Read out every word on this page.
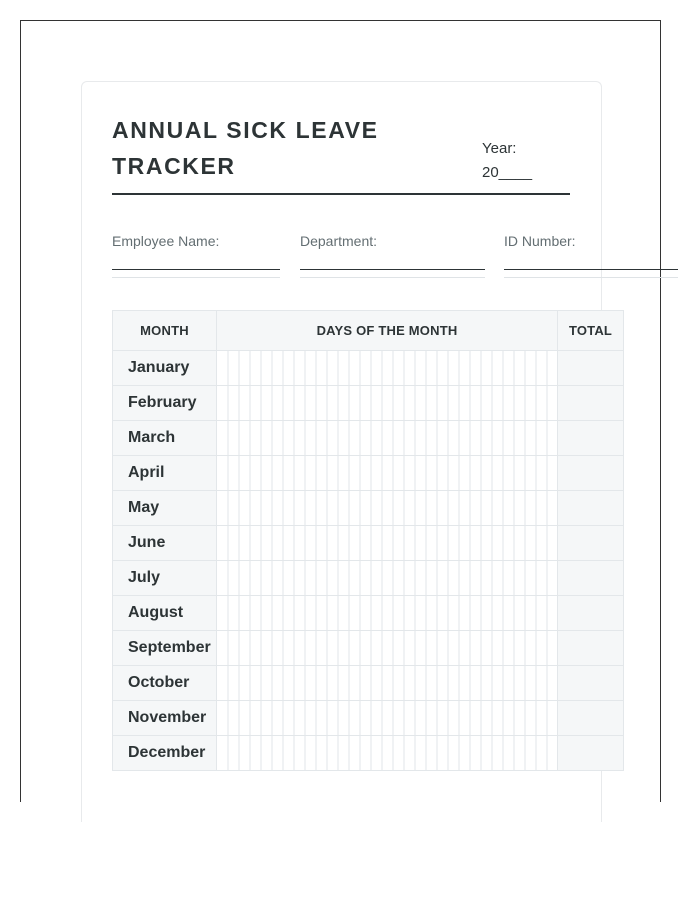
ANNUAL SICK LEAVE TRACKER
Year:
20____
Employee Name:	Department:	ID Number:
MONTH	DAYS OF THE MONTH	TOTAL
January		
February		
March		
April		
May		
June		
July		
August		
September		
October		
November		
December		
